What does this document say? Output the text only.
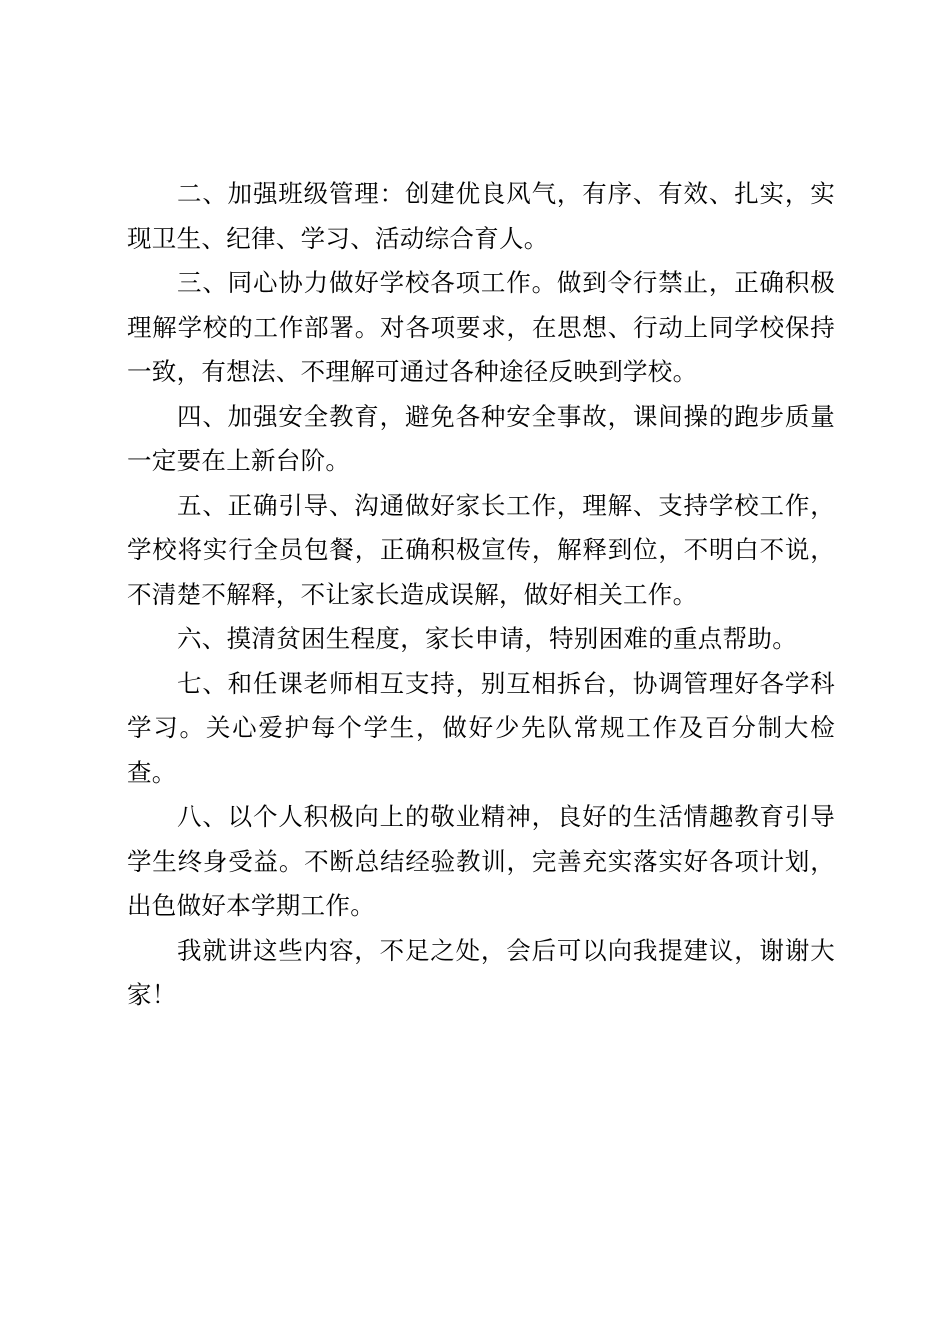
二、加强班级管理：创建优良风气，有序、有效、扎实，实现卫生、纪律、学习、活动综合育人。

三、同心协力做好学校各项工作。做到令行禁止，正确积极理解学校的工作部署。对各项要求，在思想、行动上同学校保持一致，有想法、不理解可通过各种途径反映到学校。

四、加强安全教育，避免各种安全事故，课间操的跑步质量一定要在上新台阶。

五、正确引导、沟通做好家长工作，理解、支持学校工作，学校将实行全员包餐，正确积极宣传，解释到位，不明白不说，不清楚不解释，不让家长造成误解，做好相关工作。

六、摸清贫困生程度，家长申请，特别困难的重点帮助。

七、和任课老师相互支持，别互相拆台，协调管理好各学科学习。关心爱护每个学生，做好少先队常规工作及百分制大检查。

八、以个人积极向上的敬业精神，良好的生活情趣教育引导学生终身受益。不断总结经验教训，完善充实落实好各项计划，出色做好本学期工作。

我就讲这些内容，不足之处，会后可以向我提建议，谢谢大家！
